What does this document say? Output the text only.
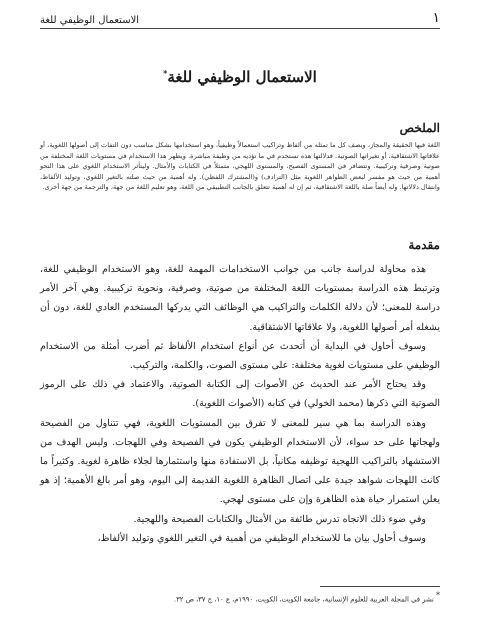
١
الاستعمال الوظيفي للغة
الاستعمال الوظيفي للغة*
الملخص
اللغة فيها الحقيقة والمجاز، ويصف كل ما تمثله من ألفاظ وتراكيب استعمالاً وظيفياً، وهو استخدامها بشكل مناسب دون التفات إلى أصولها اللغوية، أو علاقاتها الاشتقاقية، أو تغيراتها الصوتية. فدلالتها هذه تستخدم في ما تؤديه من وظيفة مباشرة. ويظهر هذا الاستخدام في مستويات اللغة المختلفة من صوتية وصرفية وتركيبية. وتتضافر في المستوى الفصيح، والمستوى اللهجي، متمثلاً في الكتابات والأمثال. وليتأثر الاستخدام اللغوي على هذا النحو أهمية من حيث هو مفسر لبعض الظواهر اللغوية مثل (الترادف) و(المشترك اللفظي). وله أهمية من حيث صلته بالتغير اللغوي، وتوليد الألفاظ، وانتقال دلالاتها. وله أيضاً صلة باللغة الاشتقاقية، ثم إن له أهمية تتعلق بالجانب التطبيقي من اللغة، وهو تعليم اللغة من جهة، والترجمة من جهة أخرى.
مقدمة

هذه محاولة لدراسة جانب من جوانب الاستخدامات المهمة للغة، وهو الاستخدام الوظيفي للغة، وترتبط هذه الدراسة بمستويات اللغة المختلفة من صوتية، وصرفية، ونحوية تركيبية. وهي آخر الأمر دراسة للمعنى؛ لأن دلالة الكلمات والتراكيب هي الوظائف التي يدركها المستخدم العادي للغة، دون أن يشغله أمر أصولها اللغوية، ولا علاقاتها الاشتقاقية.

وسوف أحاول في البداية أن أتحدث عن أنواع استخدام الألفاظ ثم أضرب أمثلة من الاستخدام الوظيفي على مستويات لغوية مختلفة: على مستوى الصوت، والكلمة، والتركيب.

وقد يحتاج الأمر عند الحديث عن الأصوات إلى الكتابة الصوتية، والاعتماد في ذلك على الرموز الصوتية التي ذكرها (محمد الخولي) في كتابه (الأصوات اللغوية).

وهذه الدراسة بما هي سير للمعنى لا تفرق بين المستويات اللغوية، فهي تتناول من الفصيحة ولهجاتها على حد سواء، لأن الاستخدام الوظيفي يكون في الفصيحة وفي اللهجات. وليس الهدف من الاستشهاد بالتراكيب اللهجية توظيفه مكانياً، بل الاستفادة منها واستثمارها لجلاء ظاهرة لغوية. وكثيراً ما كانت اللهجات شواهد جيدة على اتصال الظاهرة اللغوية القديمة إلى اليوم، وهو أمر بالغ الأهمية؛ إذ هو يعلن استمرار حياة هذه الظاهرة وإن على مستوى لهجي.

وفي ضوء ذلك الاتجاه تدرس طائفة من الأمثال والكتابات الفصيحة واللهجية.

وسوف أحاول بيان ما للاستخدام الوظيفي من أهمية في التغير اللغوي وتوليد الألفاظ،

* نشر في المجلة العربية للعلوم الإنسانية، جامعة الكويت، الكويت، ١٩٩٠م، ع ١٠، ج ٣٧، ص ٣٢.
